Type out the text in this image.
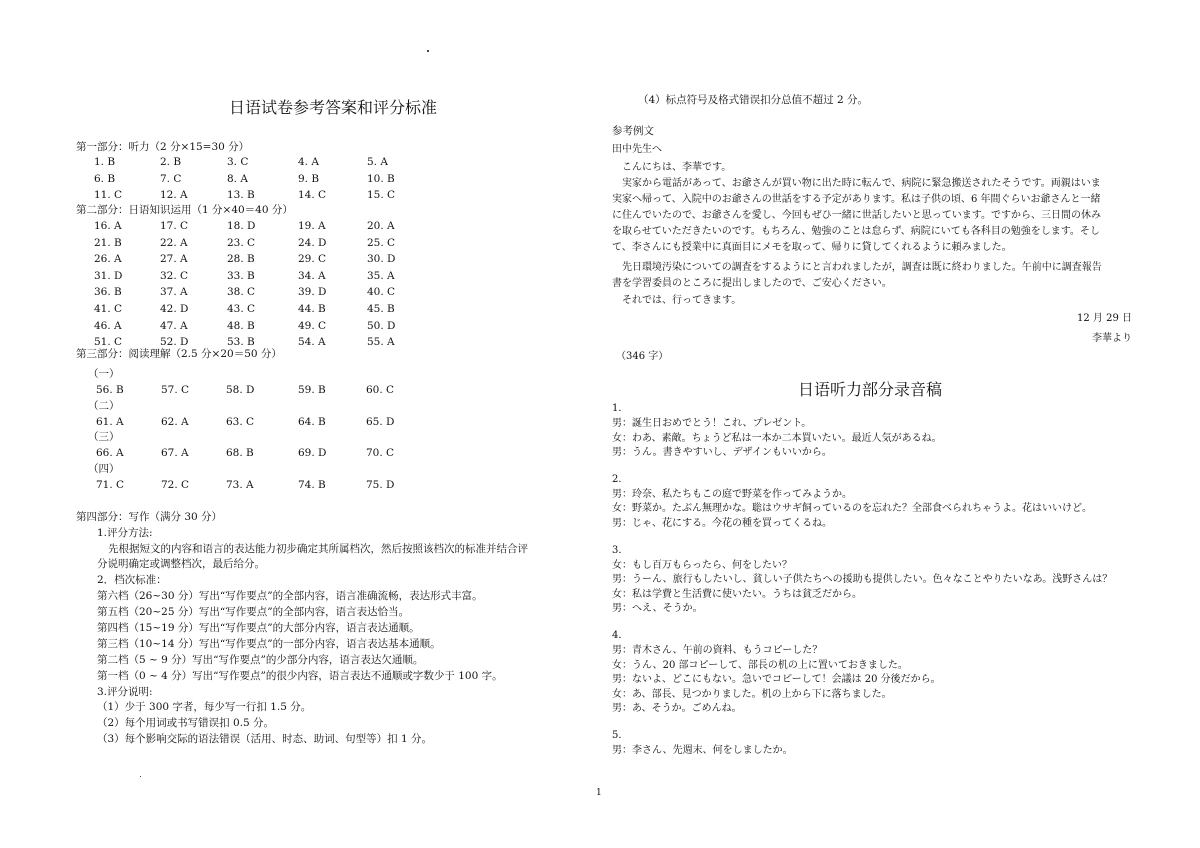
日语试卷参考答案和评分标准
第一部分：听力（2 分×15=30 分）
第二部分：日语知识运用（1 分×40＝40 分）
16. A	17. C	18. D	19. A	20. A
21. B	22. A	23. C	24. D	25. C
26. A	27. A	28. B	29. C	30. D
31. D	32. C	33. B	34. A	35. A
36. B	37. A	38. C	39. D	40. C
41. C	42. D	43. C	44. B	45. B
46. A	47. A	48. B	49. C	50. D
51. C	52. D	53. B	54. A	55. A
第三部分：阅读理解（2.5 分×20＝50 分）
（一）
56. B	57. C	58. D	59. B	60. C
（二）
61. A	62. A	63. C	64. B	65. D
（三）
66. A	67. A	68. B	69. D	70. C
（四）
71. C	72. C	73. A	74. B	75. D
第四部分：写作（满分 30 分）
1.评分方法:
先根据短文的内容和语言的表达能力初步确定其所属档次，然后按照该档次的标准并结合评
分说明确定或调整档次，最后给分。
2．档次标准：
第六档（26~30 分）写出“写作要点”的全部内容，语言准确流畅，表达形式丰富。
第五档（20~25 分）写出“写作要点”的全部内容，语言表达恰当。
第四档（15~19 分）写出“写作要点”的大部分内容，语言表达通顺。
第三档（10~14 分）写出“写作要点”的一部分内容，语言表达基本通顺。
第二档（5 ~ 9 分）写出“写作要点”的少部分内容，语言表达欠通顺。
第一档（0 ~ 4 分）写出“写作要点”的很少内容，语言表达不通顺或字数少于 100 字。
3.评分说明:
（1）少于 300 字者，每少写一行扣 1.5 分。
（2）每个用词或书写错误扣 0.5 分。
（3）每个影响交际的语法错误（活用、时态、助词、句型等）扣 1 分。
1. B	2. B	3. C	4. A	5. A
6. B	7. C	8. A	9. B	10. B
11. C	12. A	13. B	14. C	15. C
（4）标点符号及格式错误扣分总值不超过 2 分。
参考例文
田中先生へ
こんにちは、李華です。
実家から電話があって、お爺さんが買い物に出た時に転んで、病院に緊急搬送されたそうです。両親はいま
実家へ帰って、入院中のお爺さんの世話をする予定があります。私は子供の頃、6 年間ぐらいお爺さんと一緒
に住んでいたので、お爺さんを愛し、今回もぜひ一緒に世話したいと思っています。ですから、三日間の休み
を取らせていただきたいのです。もちろん、勉強のことは怠らず、病院にいても各科目の勉強をします。そし
て、李さんにも授業中に真面目にメモを取って、帰りに貸してくれるように頼みました。
先日環境汚染についての調査をするようにと言われましたが，調査は既に終わりました。午前中に調査報告
書を学習委員のところに提出しましたので、ご安心ください。
それでは、行ってきます。
12 月 29 日
李華より
（346 字）
日语听力部分录音稿
1．
男：誕生日おめでとう！これ、プレゼント。
女：わあ、素敵。ちょうど私は一本か二本買いたい。最近人気があるね。
男：うん。書きやすいし、デザインもいいから。
2．
男：玲奈、私たちもこの庭で野菜を作ってみようか。
女：野菜か。たぶん無理かな。聡はウサギ飼っているのを忘れた？全部食べられちゃうよ。花はいいけど。
男：じゃ、花にする。今花の種を買ってくるね。
3．
女：もし百万もらったら、何をしたい？
男：うーん、旅行もしたいし、貧しい子供たちへの援助も提供したい。色々なことやりたいなあ。浅野さんは？
女：私は学費と生活費に使いたい。うちは貧乏だから。
男：へえ、そうか。
4．
男：青木さん、午前の資料、もうコピーした？
女：うん、20 部コピーして、部長の机の上に置いておきました。
男：ないよ、どこにもない。急いでコピーして！会議は 20 分後だから。
女：あ、部長、見つかりました。机の上から下に落ちました。
男：あ、そうか。ごめんね。
5．
男：李さん、先週末、何をしましたか。
1
